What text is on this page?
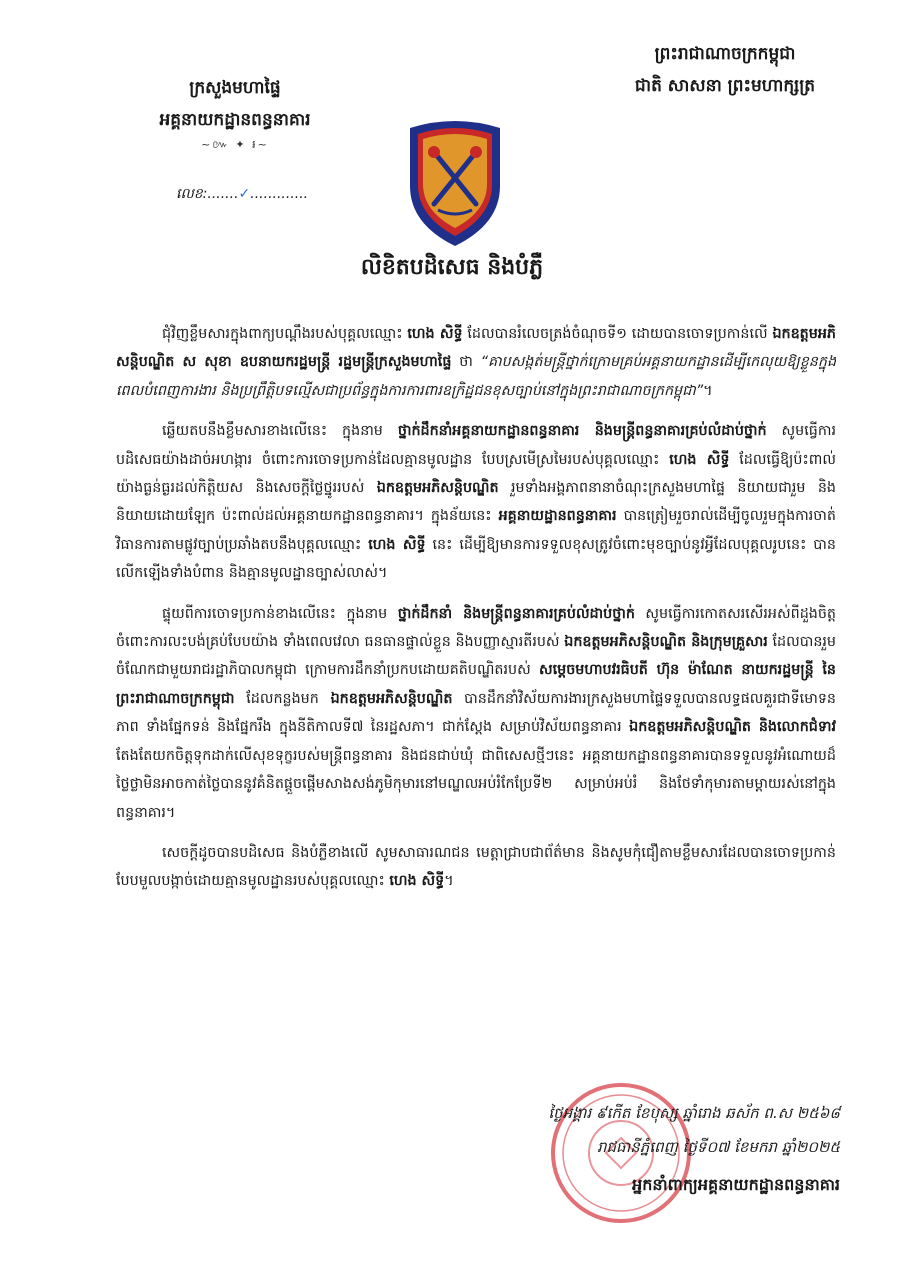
ក្រសួងមហាផ្ទៃ
អគ្គនាយកដ្ឋានពន្ធនាគារ
~៚ ✦ ៛~
លេខ:.......✓.............
ព្រះរាជាណាចក្រកម្ពុជា
ជាតិ សាសនា ព្រះមហាក្សត្រ
លិខិតបដិសេធ និងបំភ្លឺ

ជុំវិញខ្លឹមសារក្នុងពាក្យបណ្តឹងរបស់បុគ្គលឈ្មោះ ហេង សិទ្ធី ដែលបានរំលេចត្រង់ចំណុចទី១ ដោយបានចោទប្រកាន់លើ ឯកឧត្តមអភិសន្តិបណ្ឌិត ស សុខា ឧបនាយករដ្ឋមន្ត្រី រដ្ឋមន្ត្រីក្រសួងមហាផ្ទៃ ថា “គាបសង្កត់មន្ត្រីថ្នាក់ក្រោមគ្រប់អគ្គនាយកដ្ឋានដើម្បីកេលុយឱ្យខ្លួនក្នុងពេលបំពេញការងារ និងប្រព្រឹត្តិបទល្មើសជាប្រព័ន្ធក្នុងការការពារឧក្រិដ្ឋជនខុសច្បាប់នៅក្នុងព្រះរាជាណាចក្រកម្ពុជា”។

ឆ្លើយតបនឹងខ្លឹមសារខាងលើនេះ ក្នុងនាម ថ្នាក់ដឹកនាំអគ្គនាយកដ្ឋានពន្ធនាគារ និងមន្ត្រីពន្ធនាគារគ្រប់លំដាប់ថ្នាក់ សូមធ្វើការបដិសេធយ៉ាងដាច់អហង្ការ ចំពោះការចោទប្រកាន់ដែលគ្មានមូលដ្ឋាន បែបស្រមើស្រមៃរបស់បុគ្គលឈ្មោះ ហេង សិទ្ធី ដែលធ្វើឱ្យប៉ះពាល់យ៉ាងធ្ងន់ធ្ងរដល់កិត្តិយស និងសេចក្តីថ្លៃថ្នូររបស់ ឯកឧត្តមអភិសន្តិបណ្ឌិត រួមទាំងអង្គភាពនានាចំណុះក្រសួងមហាផ្ទៃ និយាយជារួម និងនិយាយដោយឡែក ប៉ះពាល់ដល់អគ្គនាយកដ្ឋានពន្ធនាគារ។ ក្នុងន័យនេះ អគ្គនាយដ្ឋានពន្ធនាគារ បានត្រៀមរួចរាល់ដើម្បីចូលរួមក្នុងការចាត់វិធានការតាមផ្លូវច្បាប់ប្រឆាំងតបនឹងបុគ្គលឈ្មោះ ហេង សិទ្ធី នេះ ដើម្បីឱ្យមានការទទួលខុសត្រូវចំពោះមុខច្បាប់នូវអ្វីដែលបុគ្គលរូបនេះ បានលើកឡើងទាំងបំពាន និងគ្មានមូលដ្ឋានច្បាស់លាស់។

ផ្ទុយពីការចោទប្រកាន់ខាងលើនេះ ក្នុងនាម ថ្នាក់ដឹកនាំ និងមន្ត្រីពន្ធនាគារគ្រប់លំដាប់ថ្នាក់ សូមធ្វើការកោតសរសើរអស់ពីដួងចិត្តចំពោះការលះបង់គ្រប់បែបយ៉ាង ទាំងពេលវេលា ធនធានផ្ទាល់ខ្លួន និងបញ្ញាស្មារតីរបស់ ឯកឧត្តមអភិសន្តិបណ្ឌិត និងក្រុមគ្រួសារ ដែលបានរួមចំណែកជាមួយរាជរដ្ឋាភិបាលកម្ពុជា ក្រោមការដឹកនាំប្រកបដោយគតិបណ្ឌិតរបស់ សម្តេចមហាបវរធិបតី ហ៊ុន ម៉ាណែត នាយករដ្ឋមន្ត្រី នៃព្រះរាជាណាចក្រកម្ពុជា ដែលកន្លងមក ឯកឧត្តមអភិសន្តិបណ្ឌិត បានដឹកនាំវិស័យការងារក្រសួងមហាផ្ទៃទទួលបានលទ្ធផលគួរជាទីមោទនភាព ទាំងផ្នែកទន់ និងផ្នែករឹង ក្នុងនីតិកាលទី៧ នៃរដ្ឋសភា។ ជាក់ស្តែង សម្រាប់វិស័យពន្ធនាគារ ឯកឧត្តមអភិសន្តិបណ្ឌិត និងលោកជំទាវ តែងតែយកចិត្តទុកដាក់លើសុខទុក្ខរបស់មន្ត្រីពន្ធនាគារ និងជនជាប់ឃុំ ជាពិសេសថ្មីៗនេះ អគ្គនាយកដ្ឋានពន្ធនាគារបានទទួលនូវអំណោយដ៏ថ្លៃថ្លាមិនអាចកាត់ថ្លៃបាននូវគំនិតផ្តួចផ្តើមសាងសង់ភូមិកុមារនៅមណ្ឌលអប់រំកែប្រែទី២ សម្រាប់អប់រំ និងថែទាំកុមារតាមម្តាយរស់នៅក្នុងពន្ធនាគារ។

សេចក្តីដូចបានបដិសេធ និងបំភ្លឺខាងលើ សូមសាធារណជន មេត្តាជ្រាបជាព័ត៌មាន និងសូមកុំជឿតាមខ្លឹមសារដែលបានចោទប្រកាន់បែបមួលបង្កាច់ដោយគ្មានមូលដ្ឋានរបស់បុគ្គលឈ្មោះ ហេង សិទ្ធី។

ថ្ងៃអង្គារ ៩កើត ខែបុស្ស ឆ្នាំរោង ឆស័ក ព.ស ២៥៦៨
រាជធានីភ្នំពេញ ថ្ងៃទី០៧ ខែមករា ឆ្នាំ២០២៥
អ្នកនាំពាក្យអគ្គនាយកដ្ឋានពន្ធនាគារ
